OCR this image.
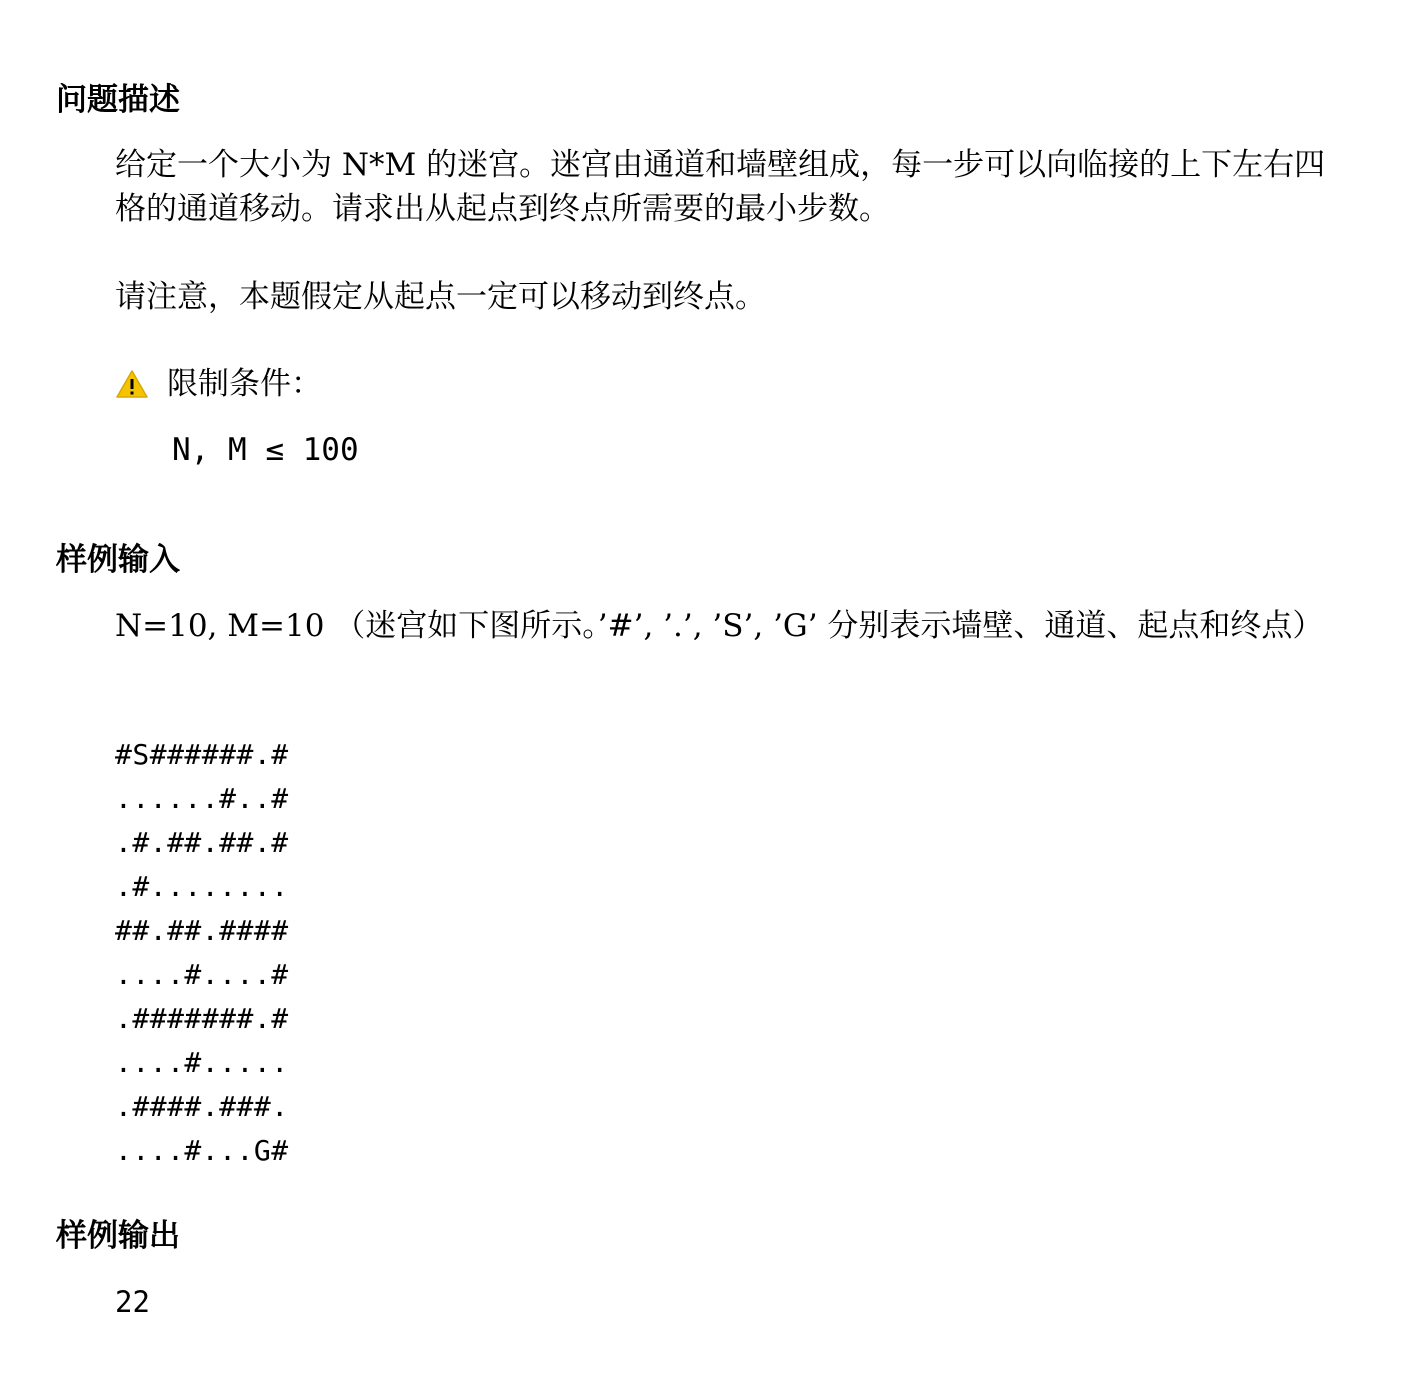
问题描述

给定一个大小为 N*M 的迷宫。迷宫由通道和墙壁组成，每一步可以向临接的上下左右四格的通道移动。请求出从起点到终点所需要的最小步数。

请注意，本题假定从起点一定可以移动到终点。

限制条件：
N, M ≤ 100
样例输入

N=10, M=10 （迷宫如下图所示。’#’, ’.’, ’S’, ’G’ 分别表示墙壁、通道、起点和终点）

#S######.#
......#..#
.#.##.##.#
.#........
##.##.####
....#....#
.#######.#
....#.....
.####.###.
....#...G#
样例输出
22
